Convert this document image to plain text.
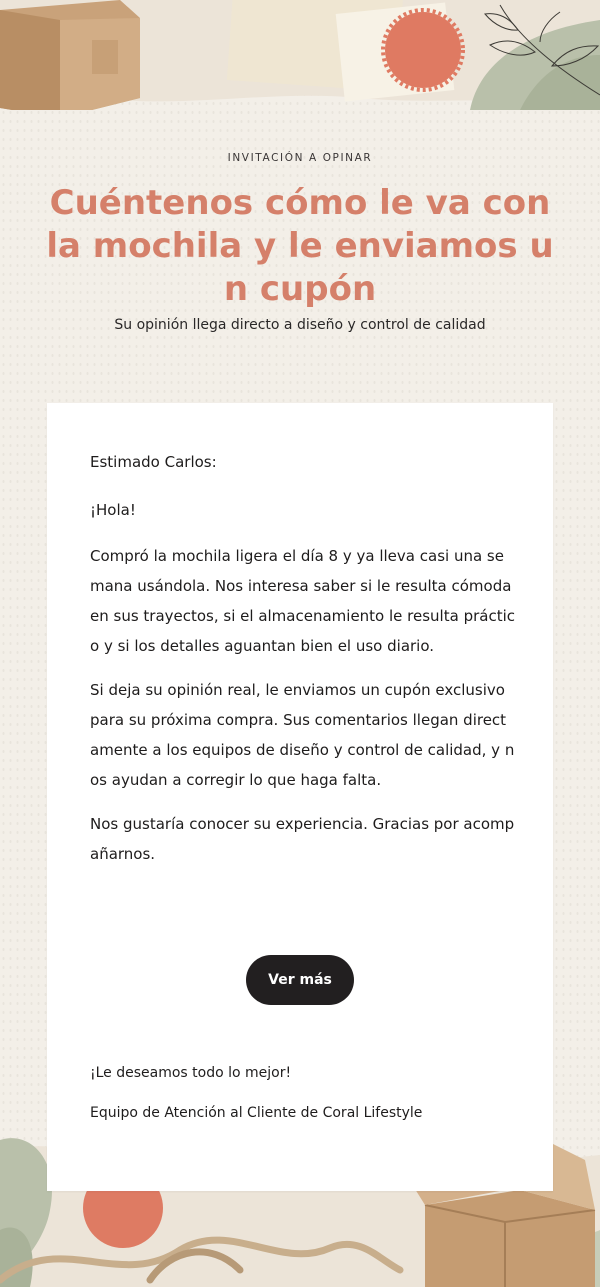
INVITACIÓN A OPINAR
Cuéntenos cómo le va con la mochila y le enviamos un cupón
Su opinión llega directo a diseño y control de calidad

Estimado Carlos:

¡Hola!

Compró la mochila ligera el día 8 y ya lleva casi una semana usándola. Nos interesa saber si le resulta cómoda en sus trayectos, si el almacenamiento le resulta práctico y si los detalles aguantan bien el uso diario.

Si deja su opinión real, le enviamos un cupón exclusivo para su próxima compra. Sus comentarios llegan directamente a los equipos de diseño y control de calidad, y nos ayudan a corregir lo que haga falta.

Nos gustaría conocer su experiencia. Gracias por acompañarnos.

Ver más
¡Le deseamos todo lo mejor!
Equipo de Atención al Cliente de Coral Lifestyle
